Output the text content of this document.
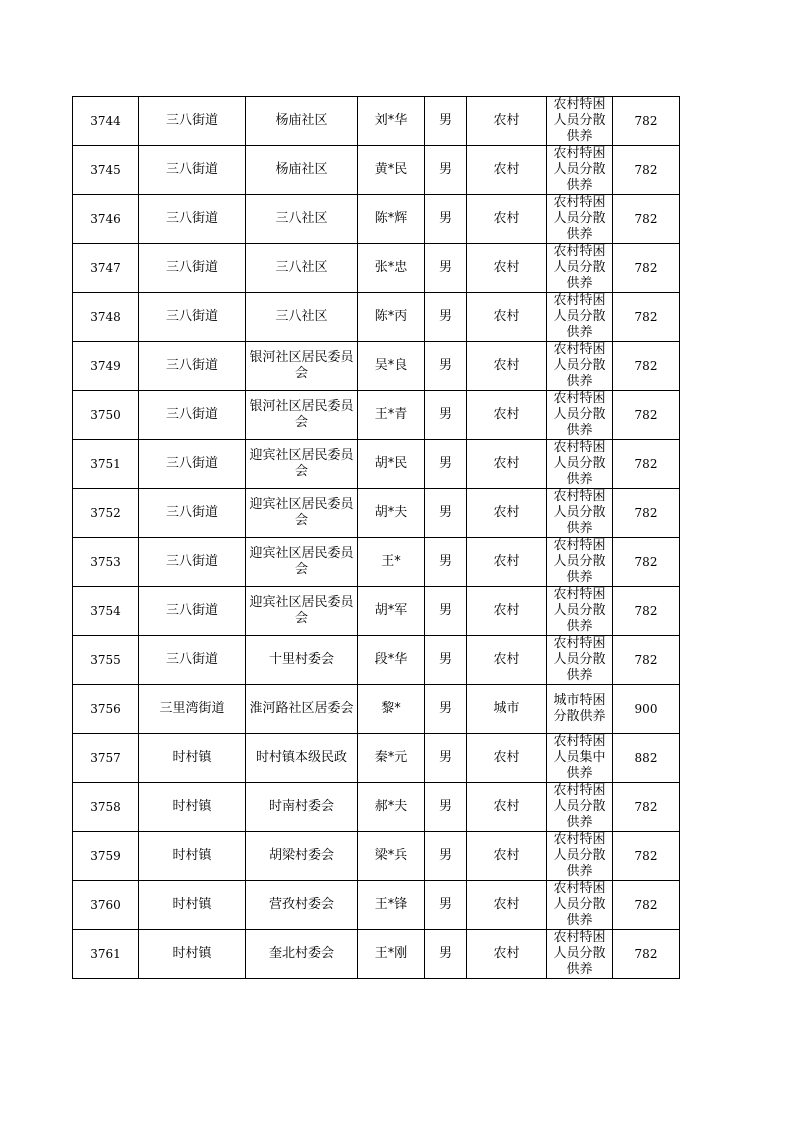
3744	三八街道	杨庙社区	刘*华	男	农村	农村特困人员分散供养	782
3745	三八街道	杨庙社区	黄*民	男	农村	农村特困人员分散供养	782
3746	三八街道	三八社区	陈*辉	男	农村	农村特困人员分散供养	782
3747	三八街道	三八社区	张*忠	男	农村	农村特困人员分散供养	782
3748	三八街道	三八社区	陈*丙	男	农村	农村特困人员分散供养	782
3749	三八街道	银河社区居民委员会	吴*良	男	农村	农村特困人员分散供养	782
3750	三八街道	银河社区居民委员会	王*青	男	农村	农村特困人员分散供养	782
3751	三八街道	迎宾社区居民委员会	胡*民	男	农村	农村特困人员分散供养	782
3752	三八街道	迎宾社区居民委员会	胡*夫	男	农村	农村特困人员分散供养	782
3753	三八街道	迎宾社区居民委员会	王*	男	农村	农村特困人员分散供养	782
3754	三八街道	迎宾社区居民委员会	胡*军	男	农村	农村特困人员分散供养	782
3755	三八街道	十里村委会	段*华	男	农村	农村特困人员分散供养	782
3756	三里湾街道	淮河路社区居委会	黎*	男	城市	城市特困分散供养	900
3757	时村镇	时村镇本级民政	秦*元	男	农村	农村特困人员集中供养	882
3758	时村镇	时南村委会	郝*夫	男	农村	农村特困人员分散供养	782
3759	时村镇	胡梁村委会	梁*兵	男	农村	农村特困人员分散供养	782
3760	时村镇	营孜村委会	王*锋	男	农村	农村特困人员分散供养	782
3761	时村镇	奎北村委会	王*刚	男	农村	农村特困人员分散供养	782
